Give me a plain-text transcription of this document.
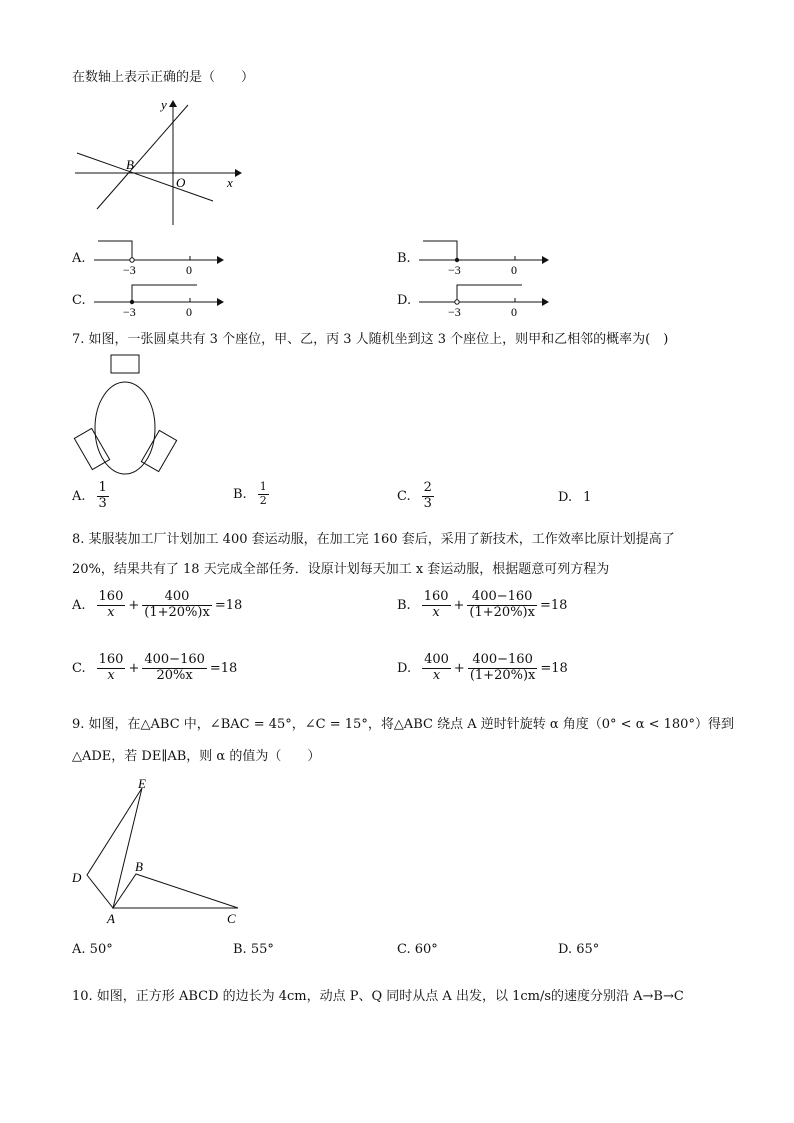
在数轴上表示正确的是（　　）
y
x
B
O
A.
−3	0
B.
−3	0
C.
−3	0
D.
−3	0
7. 如图，一张圆桌共有 3 个座位，甲、乙，丙 3 人随机坐到这 3 个座位上，则甲和乙相邻的概率为(　)
A. $\frac{1}{3}$	B. $\frac{1}{2}$	C. $\frac{2}{3}$	D. 1
8. 某服装加工厂计划加工 400 套运动服，在加工完 160 套后，采用了新技术，工作效率比原计划提高了
20%，结果共有了 18 天完成全部任务．设原计划每天加工 x 套运动服，根据题意可列方程为
A. $\frac{160}{x} + \frac{400}{(1+20\%)x} =18$	B. $\frac{160}{x} + \frac{400-160}{(1+20\%)x} =18$
C. $\frac{160}{x} + \frac{400-160}{20\%x} =18$	D. $\frac{400}{x} + \frac{400-160}{(1+20\%)x} =18$
9. 如图，在△ABC 中，∠BAC = 45°，∠C = 15°，将△ABC 绕点 A 逆时针旋转 α 角度（0° < α < 180°）得到
△ADE，若 DE∥AB，则 α 的值为（　　）
E
D
B
A	C
A. 50°	B. 55°	C. 60°	D. 65°
10. 如图，正方形 ABCD 的边长为 4cm，动点 P、Q 同时从点 A 出发，以 1cm/s的速度分别沿 A→B→C
